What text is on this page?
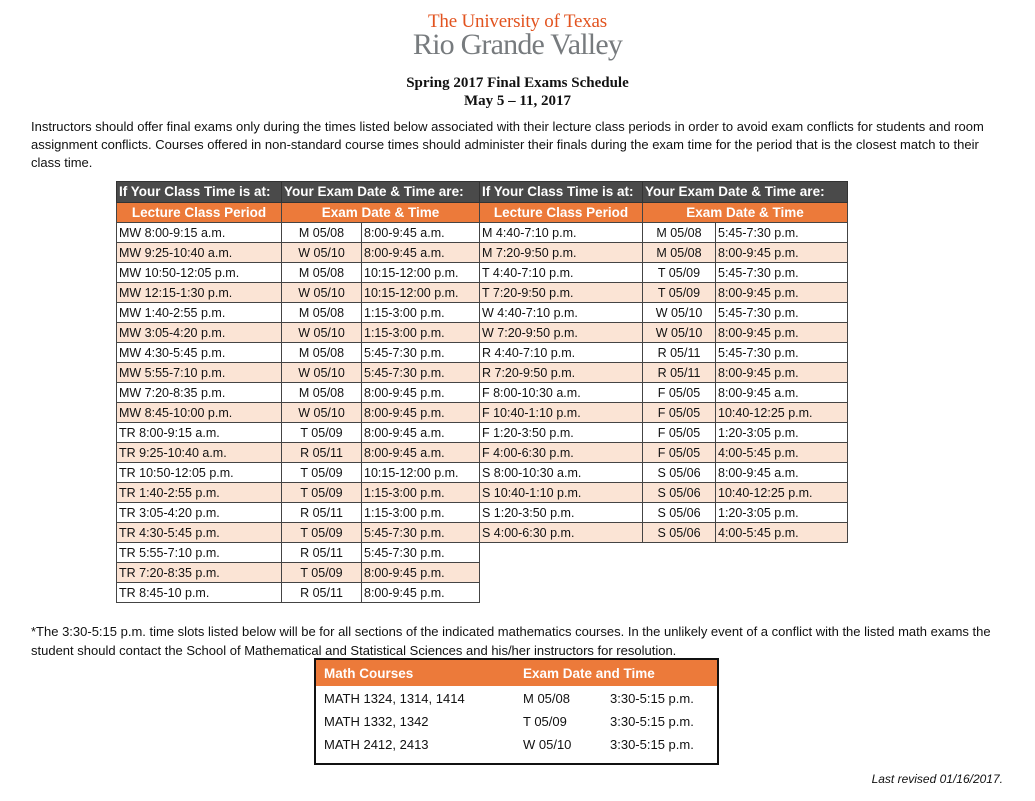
The University of Texas
Rio Grande Valley
Spring 2017 Final Exams Schedule
May 5 – 11, 2017
Instructors should offer final exams only during the times listed below associated with their lecture class periods in order to avoid exam conflicts for students and room assignment conflicts. Courses offered in non-standard course times should administer their finals during the exam time for the period that is the closest match to their class time.
If Your Class Time is at:	Your Exam Date & Time are:		If Your Class Time is at:	Your Exam Date & Time are:	
Lecture Class Period	Exam Date & Time		Lecture Class Period	Exam Date & Time	
MW 8:00-9:15 a.m.	M 05/08	8:00-9:45 a.m.	M 4:40-7:10 p.m.	M 05/08	5:45-7:30 p.m.
MW 9:25-10:40 a.m.	W 05/10	8:00-9:45 a.m.	M 7:20-9:50 p.m.	M 05/08	8:00-9:45 p.m.
MW 10:50-12:05 p.m.	M 05/08	10:15-12:00 p.m.	T 4:40-7:10 p.m.	T 05/09	5:45-7:30 p.m.
MW 12:15-1:30 p.m.	W 05/10	10:15-12:00 p.m.	T 7:20-9:50 p.m.	T 05/09	8:00-9:45 p.m.
MW 1:40-2:55 p.m.	M 05/08	1:15-3:00 p.m.	W 4:40-7:10 p.m.	W 05/10	5:45-7:30 p.m.
MW 3:05-4:20 p.m.	W 05/10	1:15-3:00 p.m.	W 7:20-9:50 p.m.	W 05/10	8:00-9:45 p.m.
MW 4:30-5:45 p.m.	M 05/08	5:45-7:30 p.m.	R 4:40-7:10 p.m.	R 05/11	5:45-7:30 p.m.
MW 5:55-7:10 p.m.	W 05/10	5:45-7:30 p.m.	R 7:20-9:50 p.m.	R 05/11	8:00-9:45 p.m.
MW 7:20-8:35 p.m.	M 05/08	8:00-9:45 p.m.	F 8:00-10:30 a.m.	F 05/05	8:00-9:45 a.m.
MW 8:45-10:00 p.m.	W 05/10	8:00-9:45 p.m.	F 10:40-1:10 p.m.	F 05/05	10:40-12:25 p.m.
TR 8:00-9:15 a.m.	T 05/09	8:00-9:45 a.m.	F 1:20-3:50 p.m.	F 05/05	1:20-3:05 p.m.
TR 9:25-10:40 a.m.	R 05/11	8:00-9:45 a.m.	F 4:00-6:30 p.m.	F 05/05	4:00-5:45 p.m.
TR 10:50-12:05 p.m.	T 05/09	10:15-12:00 p.m.	S 8:00-10:30 a.m.	S 05/06	8:00-9:45 a.m.
TR 1:40-2:55 p.m.	T 05/09	1:15-3:00 p.m.	S 10:40-1:10 p.m.	S 05/06	10:40-12:25 p.m.
TR 3:05-4:20 p.m.	R 05/11	1:15-3:00 p.m.	S 1:20-3:50 p.m.	S 05/06	1:20-3:05 p.m.
TR 4:30-5:45 p.m.	T 05/09	5:45-7:30 p.m.	S 4:00-6:30 p.m.	S 05/06	4:00-5:45 p.m.
TR 5:55-7:10 p.m.	R 05/11	5:45-7:30 p.m.			
TR 7:20-8:35 p.m.	T 05/09	8:00-9:45 p.m.			
TR 8:45-10 p.m.	R 05/11	8:00-9:45 p.m.			
*The 3:30-5:15 p.m. time slots listed below will be for all sections of the indicated mathematics courses. In the unlikely event of a conflict with the listed math exams the student should contact the School of Mathematical and Statistical Sciences and his/her instructors for resolution.
Math Courses	Exam Date and Time
MATH 1324, 1314, 1414	M 05/08	3:30-5:15 p.m.
MATH 1332, 1342	T 05/09	3:30-5:15 p.m.
MATH 2412, 2413	W 05/10	3:30-5:15 p.m.
Last revised 01/16/2017.
